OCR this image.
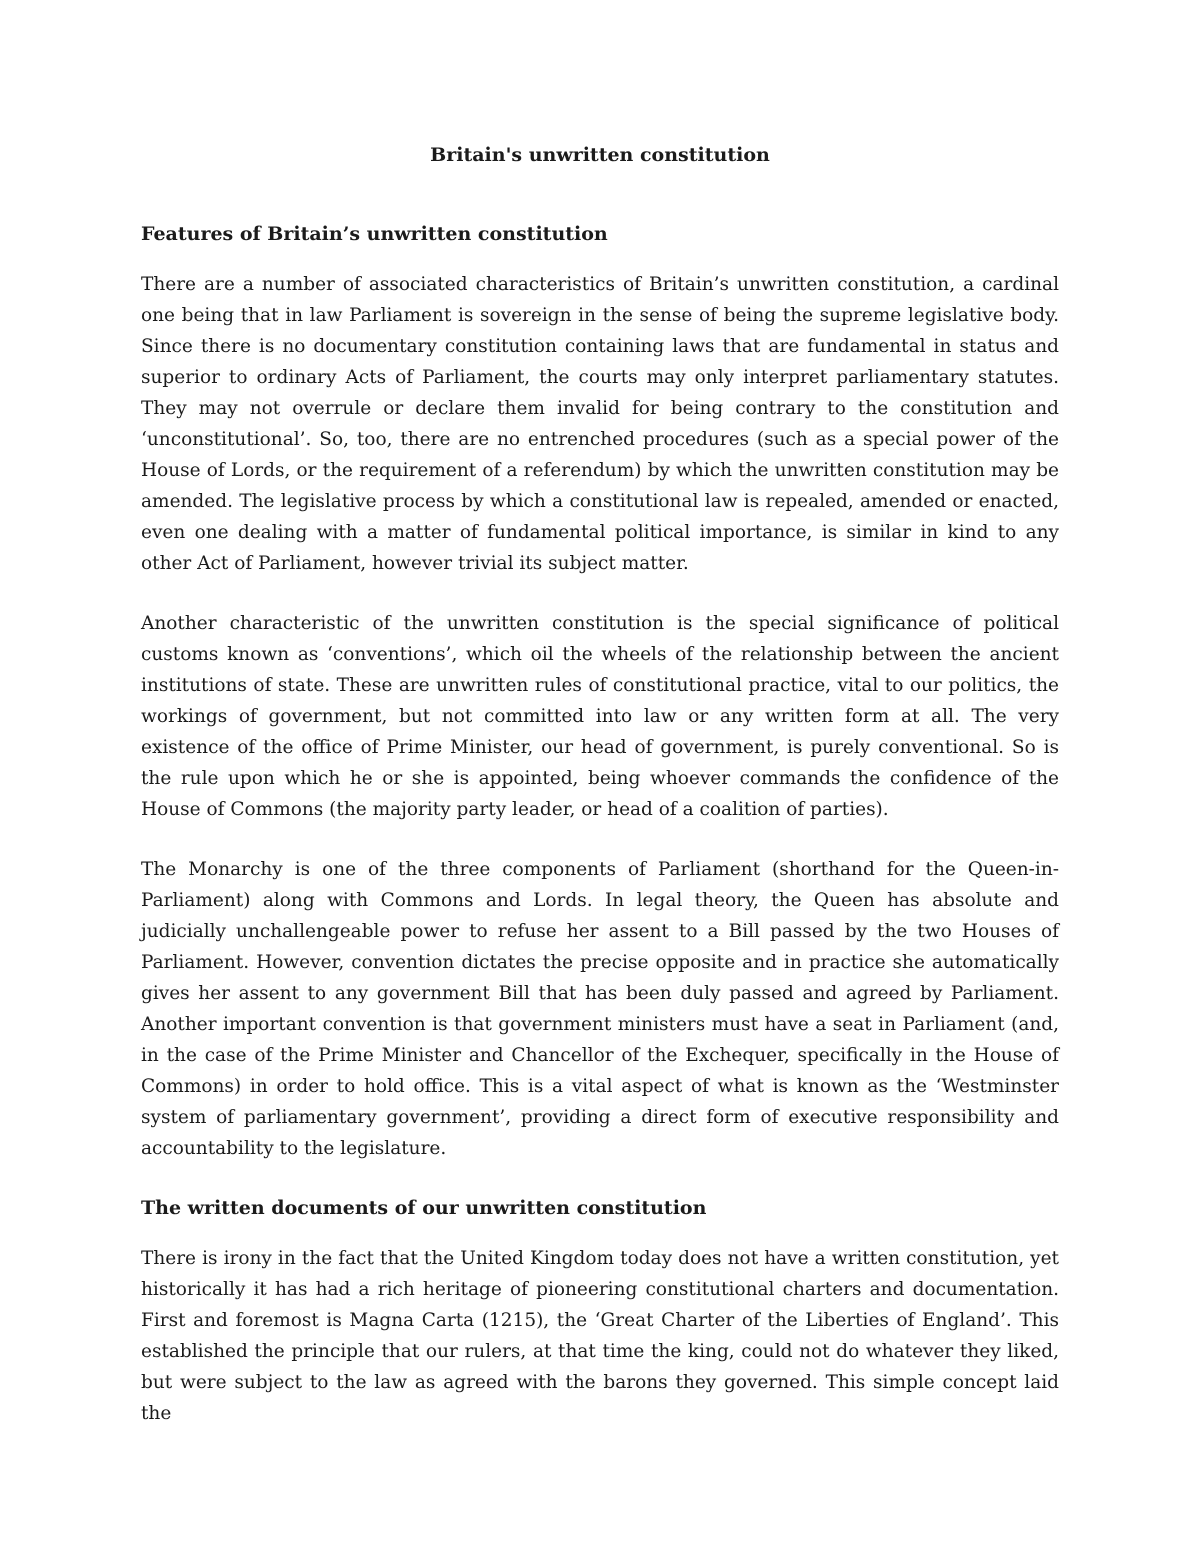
Britain's unwritten constitution
Features of Britain’s unwritten constitution

There are a number of associated characteristics of Britain’s unwritten constitution, a cardinal one being that in law Parliament is sovereign in the sense of being the supreme legislative body. Since there is no documentary constitution containing laws that are fundamental in status and superior to ordinary Acts of Parliament, the courts may only interpret parliamentary statutes. They may not overrule or declare them invalid for being contrary to the constitution and ‘unconstitutional’. So, too, there are no entrenched procedures (such as a special power of the House of Lords, or the requirement of a referendum) by which the unwritten constitution may be amended. The legislative process by which a constitutional law is repealed, amended or enacted, even one dealing with a matter of fundamental political importance, is similar in kind to any other Act of Parliament, however trivial its subject matter.

Another characteristic of the unwritten constitution is the special significance of political customs known as ‘conventions’, which oil the wheels of the relationship between the ancient institutions of state. These are unwritten rules of constitutional practice, vital to our politics, the workings of government, but not committed into law or any written form at all. The very existence of the office of Prime Minister, our head of government, is purely conventional. So is the rule upon which he or she is appointed, being whoever commands the confidence of the House of Commons (the majority party leader, or head of a coalition of parties).

The Monarchy is one of the three components of Parliament (shorthand for the Queen-in-Parliament) along with Commons and Lords. In legal theory, the Queen has absolute and judicially unchallengeable power to refuse her assent to a Bill passed by the two Houses of Parliament. However, convention dictates the precise opposite and in practice she automatically gives her assent to any government Bill that has been duly passed and agreed by Parliament. Another important convention is that government ministers must have a seat in Parliament (and, in the case of the Prime Minister and Chancellor of the Exchequer, specifically in the House of Commons) in order to hold office. This is a vital aspect of what is known as the ‘Westminster system of parliamentary government’, providing a direct form of executive responsibility and accountability to the legislature.

The written documents of our unwritten constitution

There is irony in the fact that the United Kingdom today does not have a written constitution, yet historically it has had a rich heritage of pioneering constitutional charters and documentation. First and foremost is Magna Carta (1215), the ‘Great Charter of the Liberties of England’. This established the principle that our rulers, at that time the king, could not do whatever they liked, but were subject to the law as agreed with the barons they governed. This simple concept laid the
